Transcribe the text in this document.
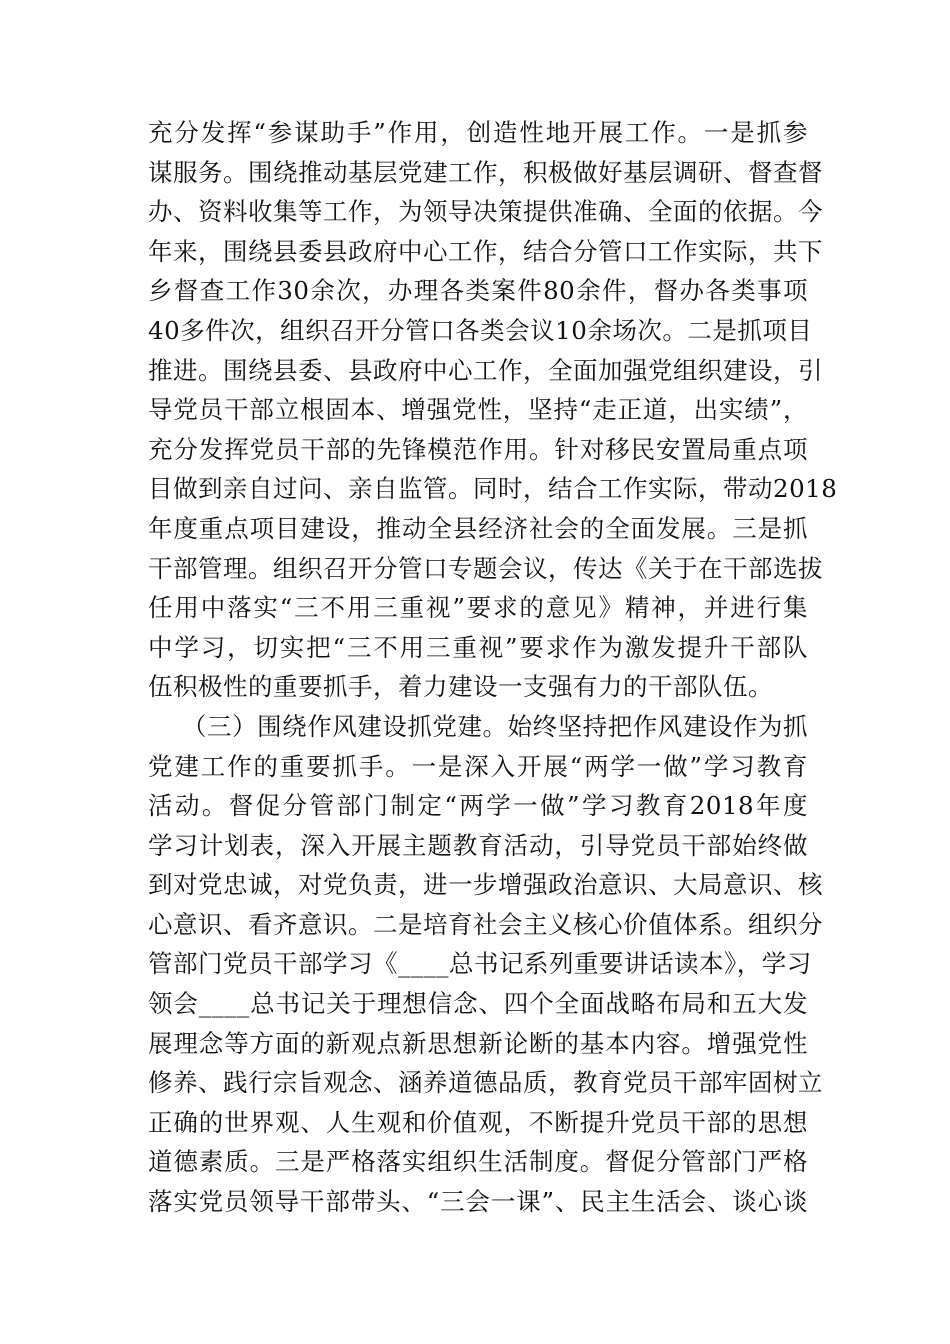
充分发挥“参谋助手”作用，创造性地开展工作。一是抓参
谋服务。围绕推动基层党建工作，积极做好基层调研、督查督
办、资料收集等工作，为领导决策提供准确、全面的依据。今
年来，围绕县委县政府中心工作，结合分管口工作实际，共下
乡督查工作30余次，办理各类案件80余件，督办各类事项
40多件次，组织召开分管口各类会议10余场次。二是抓项目
推进。围绕县委、县政府中心工作，全面加强党组织建设，引
导党员干部立根固本、增强党性，坚持“走正道，出实绩”，
充分发挥党员干部的先锋模范作用。针对移民安置局重点项
目做到亲自过问、亲自监管。同时，结合工作实际，带动2018
年度重点项目建设，推动全县经济社会的全面发展。三是抓
干部管理。组织召开分管口专题会议，传达《关于在干部选拔
任用中落实“三不用三重视”要求的意见》精神，并进行集
中学习，切实把“三不用三重视”要求作为激发提升干部队
伍积极性的重要抓手，着力建设一支强有力的干部队伍。
（三）围绕作风建设抓党建。始终坚持把作风建设作为抓
党建工作的重要抓手。一是深入开展“两学一做”学习教育
活动。督促分管部门制定“两学一做”学习教育2018年度
学习计划表，深入开展主题教育活动，引导党员干部始终做
到对党忠诚，对党负责，进一步增强政治意识、大局意识、核
心意识、看齐意识。二是培育社会主义核心价值体系。组织分
管部门党员干部学习《____总书记系列重要讲话读本》，学习
领会____总书记关于理想信念、四个全面战略布局和五大发
展理念等方面的新观点新思想新论断的基本内容。增强党性
修养、践行宗旨观念、涵养道德品质，教育党员干部牢固树立
正确的世界观、人生观和价值观，不断提升党员干部的思想
道德素质。三是严格落实组织生活制度。督促分管部门严格
落实党员领导干部带头、“三会一课”、民主生活会、谈心谈
